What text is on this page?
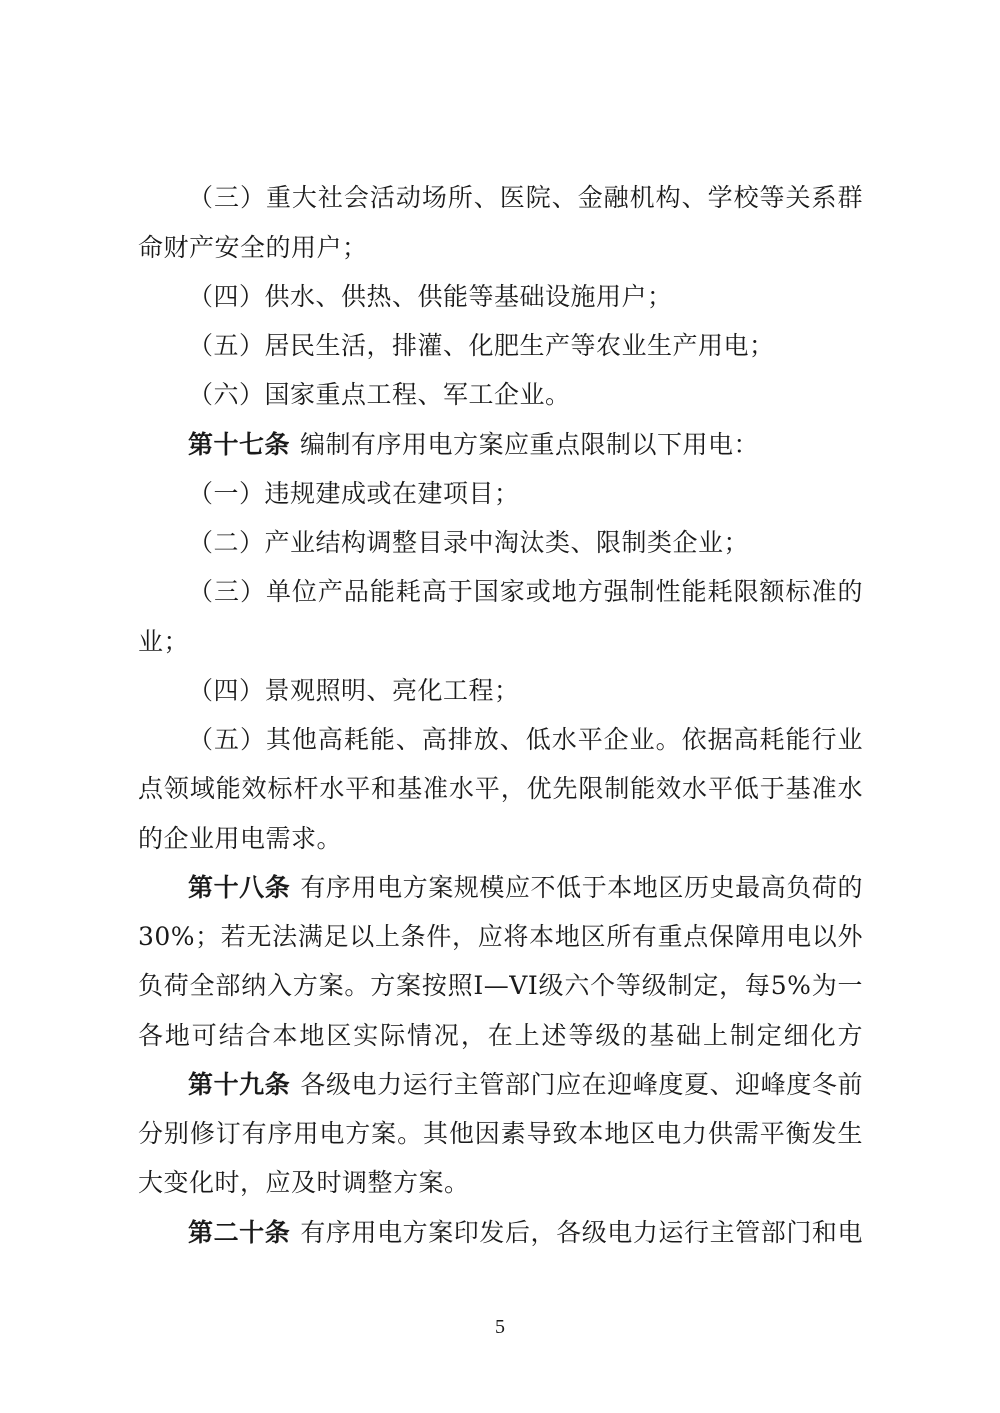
（三）重大社会活动场所、医院、金融机构、学校等关系群
命财产安全的用户；
（四）供水、供热、供能等基础设施用户；
（五）居民生活，排灌、化肥生产等农业生产用电；
（六）国家重点工程、军工企业。
第十七条 编制有序用电方案应重点限制以下用电：
（一）违规建成或在建项目；
（二）产业结构调整目录中淘汰类、限制类企业；
（三）单位产品能耗高于国家或地方强制性能耗限额标准的
业；
（四）景观照明、亮化工程；
（五）其他高耗能、高排放、低水平企业。依据高耗能行业
点领域能效标杆水平和基准水平，优先限制能效水平低于基准水
的企业用电需求。
第十八条 有序用电方案规模应不低于本地区历史最高负荷的
30%；若无法满足以上条件，应将本地区所有重点保障用电以外
负荷全部纳入方案。方案按照I—VI级六个等级制定，每5%为一
各地可结合本地区实际情况，在上述等级的基础上制定细化方
第十九条 各级电力运行主管部门应在迎峰度夏、迎峰度冬前
分别修订有序用电方案。其他因素导致本地区电力供需平衡发生
大变化时，应及时调整方案。
第二十条 有序用电方案印发后，各级电力运行主管部门和电
5
